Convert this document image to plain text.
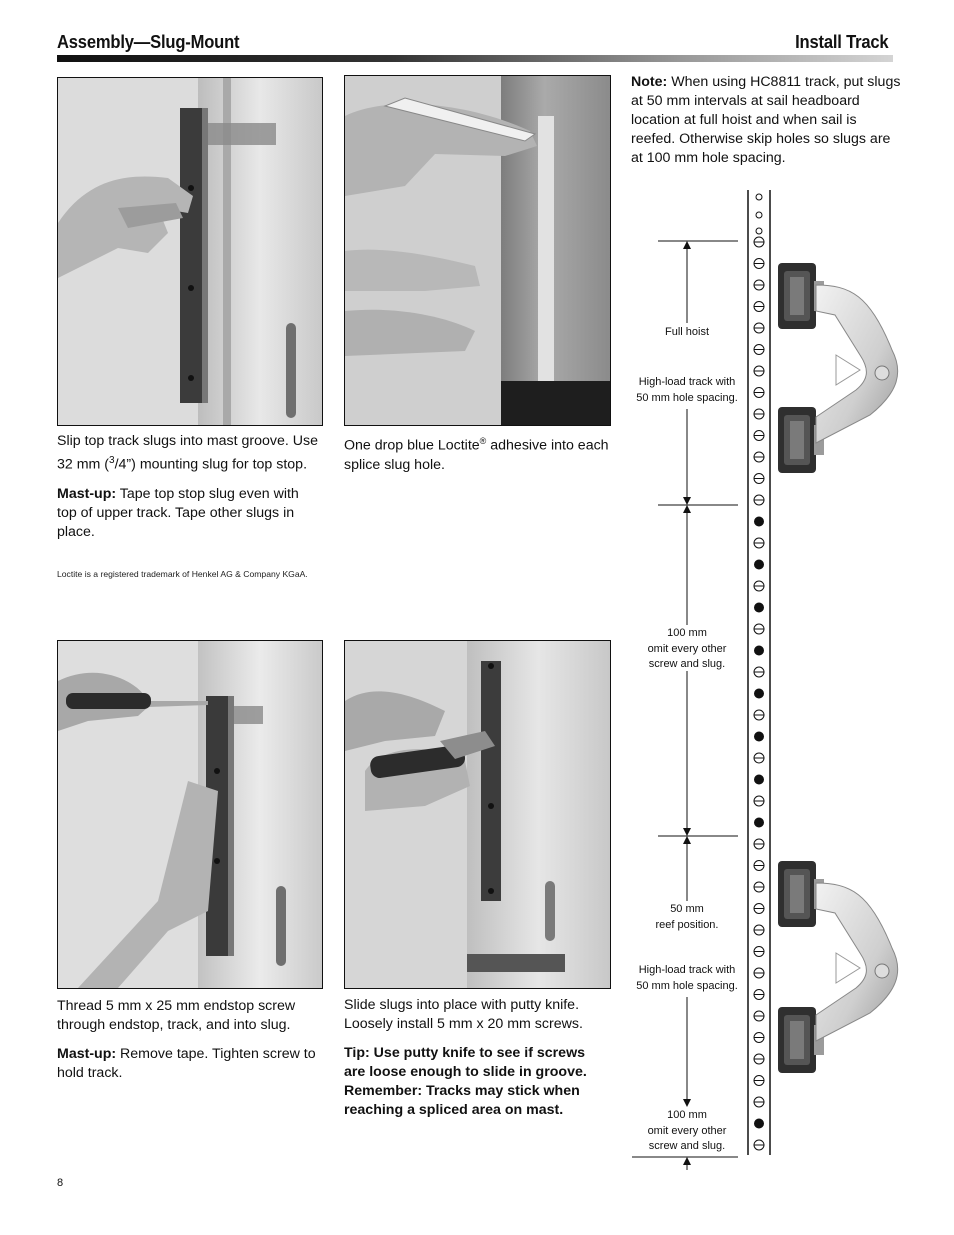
Assembly—Slug-Mount	Install Track

Slip top track slugs into mast groove. Use 32 mm ($^3$/4”) mounting slug for top stop.

Mast-up: Tape top stop slug even with top of upper track. Tape other slugs in place.

One drop blue Loctite® adhesive into each splice slug hole.

Loctite is a registered trademark of Henkel AG & Company KGaA.

Thread 5 mm x 25 mm endstop screw through endstop, track, and into slug.

Mast-up: Remove tape. Tighten screw to hold track.

Slide slugs into place with putty knife. Loosely install 5 mm x 20 mm screws.

Tip: Use putty knife to see if screws are loose enough to slide in groove. Remember: Tracks may stick when reaching a spliced area on mast.

8
Note: When using HC8811 track, put slugs at 50 mm intervals at sail headboard location at full hoist and when sail is reefed. Otherwise skip holes so slugs are at 100 mm hole spacing.
Full hoist
High-load track with
50 mm hole spacing.
100 mm
omit every other
screw and slug.
50 mm
reef position.
High-load track with
50 mm hole spacing.
100 mm
omit every other
screw and slug.
